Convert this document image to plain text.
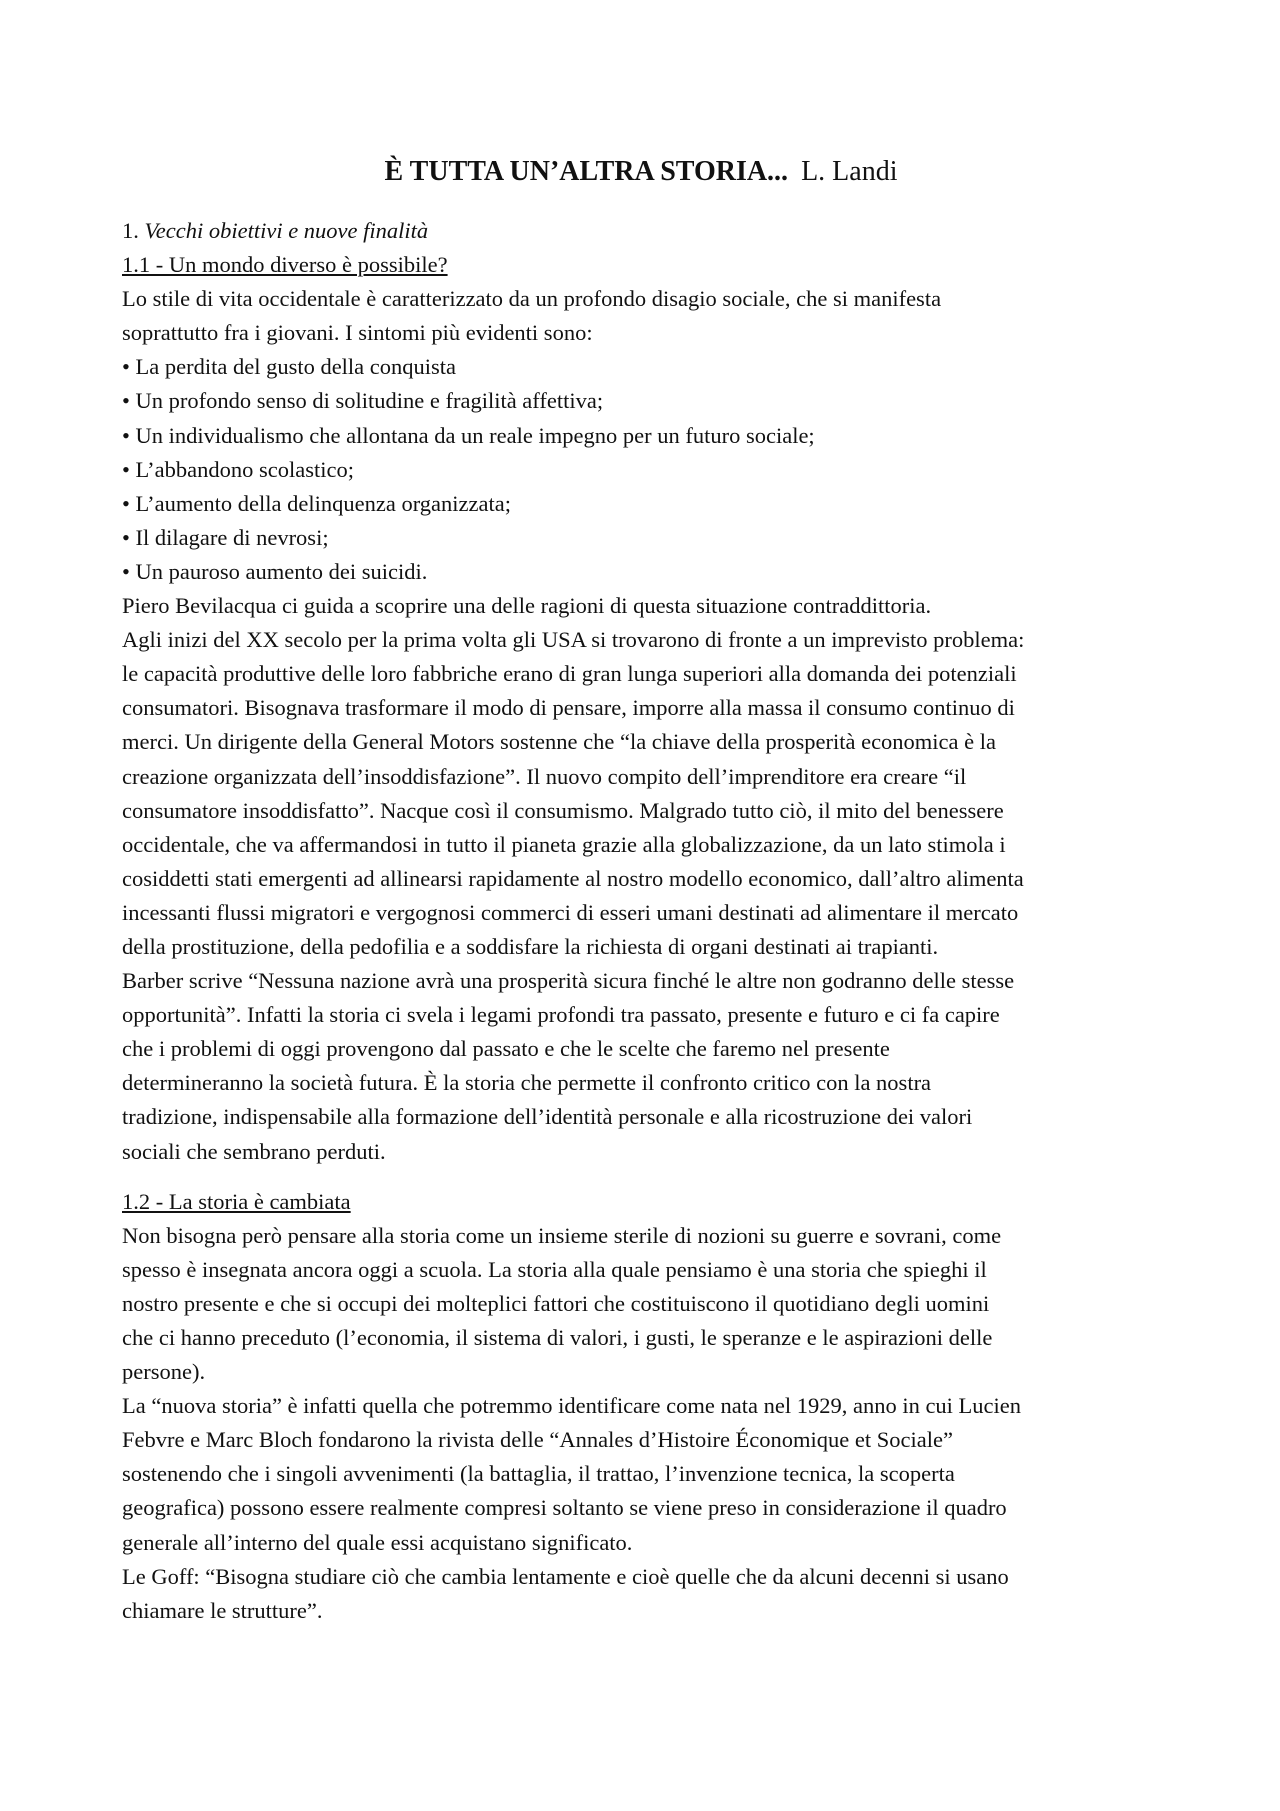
È TUTTA UN’ALTRA STORIA... L. Landi
1. Vecchi obiettivi e nuove finalità
1.1 - Un mondo diverso è possibile?
Lo stile di vita occidentale è caratterizzato da un profondo disagio sociale, che si manifesta
soprattutto fra i giovani. I sintomi più evidenti sono:
• La perdita del gusto della conquista
• Un profondo senso di solitudine e fragilità affettiva;
• Un individualismo che allontana da un reale impegno per un futuro sociale;
• L’abbandono scolastico;
• L’aumento della delinquenza organizzata;
• Il dilagare di nevrosi;
• Un pauroso aumento dei suicidi.
Piero Bevilacqua ci guida a scoprire una delle ragioni di questa situazione contraddittoria.
Agli inizi del XX secolo per la prima volta gli USA si trovarono di fronte a un imprevisto problema:
le capacità produttive delle loro fabbriche erano di gran lunga superiori alla domanda dei potenziali
consumatori. Bisognava trasformare il modo di pensare, imporre alla massa il consumo continuo di
merci. Un dirigente della General Motors sostenne che “la chiave della prosperità economica è la
creazione organizzata dell’insoddisfazione”. Il nuovo compito dell’imprenditore era creare “il
consumatore insoddisfatto”. Nacque così il consumismo. Malgrado tutto ciò, il mito del benessere
occidentale, che va affermandosi in tutto il pianeta grazie alla globalizzazione, da un lato stimola i
cosiddetti stati emergenti ad allinearsi rapidamente al nostro modello economico, dall’altro alimenta
incessanti flussi migratori e vergognosi commerci di esseri umani destinati ad alimentare il mercato
della prostituzione, della pedofilia e a soddisfare la richiesta di organi destinati ai trapianti.
Barber scrive “Nessuna nazione avrà una prosperità sicura finché le altre non godranno delle stesse
opportunità”. Infatti la storia ci svela i legami profondi tra passato, presente e futuro e ci fa capire
che i problemi di oggi provengono dal passato e che le scelte che faremo nel presente
determineranno la società futura. È la storia che permette il confronto critico con la nostra
tradizione, indispensabile alla formazione dell’identità personale e alla ricostruzione dei valori
sociali che sembrano perduti.
1.2 - La storia è cambiata
Non bisogna però pensare alla storia come un insieme sterile di nozioni su guerre e sovrani, come
spesso è insegnata ancora oggi a scuola. La storia alla quale pensiamo è una storia che spieghi il
nostro presente e che si occupi dei molteplici fattori che costituiscono il quotidiano degli uomini
che ci hanno preceduto (l’economia, il sistema di valori, i gusti, le speranze e le aspirazioni delle
persone).
La “nuova storia” è infatti quella che potremmo identificare come nata nel 1929, anno in cui Lucien
Febvre e Marc Bloch fondarono la rivista delle “Annales d’Histoire Économique et Sociale”
sostenendo che i singoli avvenimenti (la battaglia, il trattao, l’invenzione tecnica, la scoperta
geografica) possono essere realmente compresi soltanto se viene preso in considerazione il quadro
generale all’interno del quale essi acquistano significato.
Le Goff: “Bisogna studiare ciò che cambia lentamente e cioè quelle che da alcuni decenni si usano
chiamare le strutture”.
